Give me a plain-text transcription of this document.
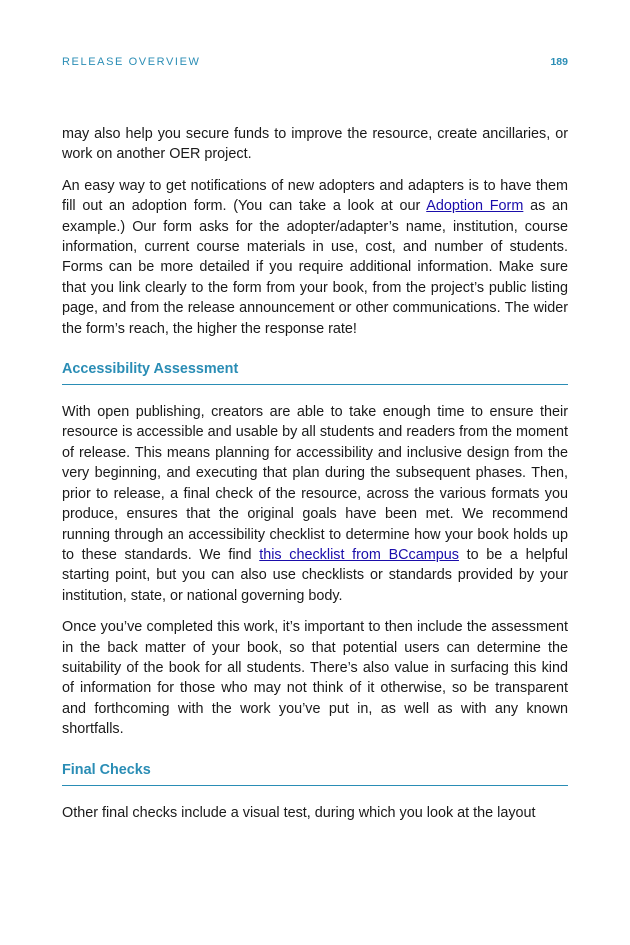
RELEASE OVERVIEW	189

may also help you secure funds to improve the resource, create ancillaries, or work on another OER project.

An easy way to get notifications of new adopters and adapters is to have them fill out an adoption form. (You can take a look at our Adoption Form as an example.) Our form asks for the adopter/adapter’s name, institution, course information, current course materials in use, cost, and number of students. Forms can be more detailed if you require additional information. Make sure that you link clearly to the form from your book, from the project’s public listing page, and from the release announcement or other communications. The wider the form’s reach, the higher the response rate!

Accessibility Assessment

With open publishing, creators are able to take enough time to ensure their resource is accessible and usable by all students and readers from the moment of release. This means planning for accessibility and inclusive design from the very beginning, and executing that plan during the subsequent phases. Then, prior to release, a final check of the resource, across the various formats you produce, ensures that the original goals have been met. We recommend running through an accessibility checklist to determine how your book holds up to these standards. We find this checklist from BCcampus to be a helpful starting point, but you can also use checklists or standards provided by your institution, state, or national governing body.

Once you’ve completed this work, it’s important to then include the assessment in the back matter of your book, so that potential users can determine the suitability of the book for all students. There’s also value in surfacing this kind of information for those who may not think of it otherwise, so be transparent and forthcoming with the work you’ve put in, as well as with any known shortfalls.

Final Checks

Other final checks include a visual test, during which you look at the layout
